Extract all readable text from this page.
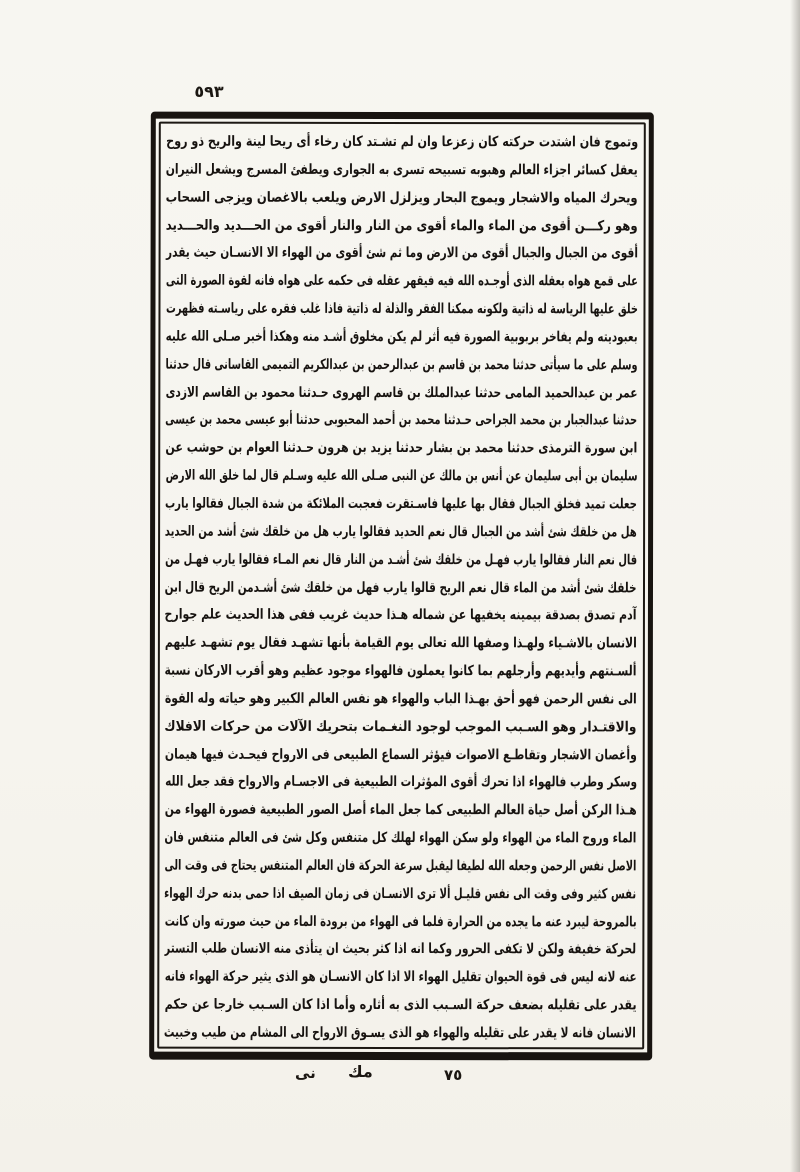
٥٩٣
وتموج فان اشتدت حركته كان زعزعا وان لم تشـتد كان رخاء أى ريحا لينة والريح ذو روح
يعقل كسائر اجزاء العالم وهبوبه تسبيحه تسرى به الجوارى ويطفئ المسرج ويشعل النيران
ويحرك المياه والاشجار ويموج البحار ويزلزل الارض ويلعب بالاغصان ويزجى السحاب
وهو ركـــن أقوى من الماء والماء أقوى من النار والنار أقوى من الحـــديد والحـــديد
أقوى من الجبال والجبال أقوى من الارض وما ثم شئ أقوى من الهواء الا الانسـان حيث يقدر
على قمع هواه بعقله الذى أوجـده الله فيه فيقهر عقله فى حكمه على هواه فانه لقوة الصورة التى
خلق عليها الرياسة له ذاتية ولكونه ممكنا الفقر والذلة له ذاتية فاذا غلب فقره على رياسـته فظهرت
بعبوديته ولم يفاخر بربوبية الصورة فيه أثر لم يكن مخلوق أشـد منه وهكذا أخبر صـلى الله عليه
وسلم على ما سيأتى حدثنا محمد بن قاسم بن عبدالرحمن بن عبدالكريم التميمى القاسانى قال حدثنا
عمر بن عبدالحميد المامى حدثنا عبدالملك بن قاسم الهروى حـدثنا محمود بن القاسم الازدى
حدثنا عبدالجبار بن محمد الجراحى حـدثنا محمد بن أحمد المحبوبى حدثنا أبو عيسى محمد بن عيسى
ابن سورة الترمذى حدثنا محمد بن بشار حدثنا يزيد بن هرون حـدثنا العوام بن حوشب عن
سليمان بن أبى سليمان عن أنس بن مالك عن النبى صـلى الله عليه وسـلم قال لما خلق الله الارض
جعلت تميد فخلق الجبال فقال بها عليها فاسـتقرت فعجبت الملائكة من شدة الجبال فقالوا يارب
هل من خلقك شئ أشد من الجبال قال نعم الحديد فقالوا يارب هل من خلقك شئ أشد من الحديد
قال نعم النار فقالوا يارب فهـل من خلقك شئ أشـد من النار قال نعم المـاء فقالوا يارب فهـل من
خلقك شئ أشد من الماء قال نعم الريح قالوا يارب فهل من خلقك شئ أشـدمن الريح قال ابن
آدم تصدق بصدقة بيمينه يخفيها عن شماله هـذا حديث غريب ففى هذا الحديث علم جوارح
الانسان بالاشـياء ولهـذا وصفها الله تعالى يوم القيامة بأنها تشهـد فقال يوم تشهـد عليهم
ألسـنتهم وأيديهم وأرجلهم بما كانوا يعملون فالهواء موجود عظيم وهو أقرب الاركان نسبة
الى نفس الرحمن فهو أحق بهـذا الباب والهواء هو نفس العالم الكبير وهو حياته وله القوة
والاقتـدار وهو السـبب الموجب لوجود النغـمات بتحريك الآلات من حركات الافلاك
وأغصان الاشجار وتقاطـع الاصوات فيؤثر السماع الطبيعى فى الارواح فيحـدث فيها هيمان
وسكر وطرب فالهواء اذا تحرك أقوى المؤثرات الطبيعية فى الاجسـام والارواح فقد جعل الله
هـذا الركن أصل حياة العالم الطبيعى كما جعل الماء أصل الصور الطبيعية فصورة الهواء من
الماء وروح الماء من الهواء ولو سكن الهواء لهلك كل متنفس وكل شئ فى العالم متنفس فان
الاصل نفس الرحمن وجعله الله لطيفا ليقبل سرعة الحركة فان العالم المتنفس يحتاج فى وقت الى
نفس كثير وفى وقت الى نفس قليـل ألا ترى الانسـان فى زمان الصيف اذا حمى بدنه حرك الهواء
بالمروحة ليبرد عنه ما يجده من الحرارة فلما فى الهواء من برودة الماء من حيث صورته وان كانت
لحركة خفيفة ولكن لا تكفى الحرور وكما انه اذا كثر بحيث ان يتأذى منه الانسان طلب التستر
عنه لانه ليس فى قوة الحيوان تقليل الهواء الا اذا كان الانسـان هو الذى يثير حركة الهواء فانه
يقدر على تقليله بضعف حركة السـبب الذى به أثاره وأما اذا كان السـبب خارجا عن حكم
الانسان فانه لا يقدر على تقليله والهواء هو الذى يسـوق الارواح الى المشام من طيب وخبيث
٧٥
مك
نى
